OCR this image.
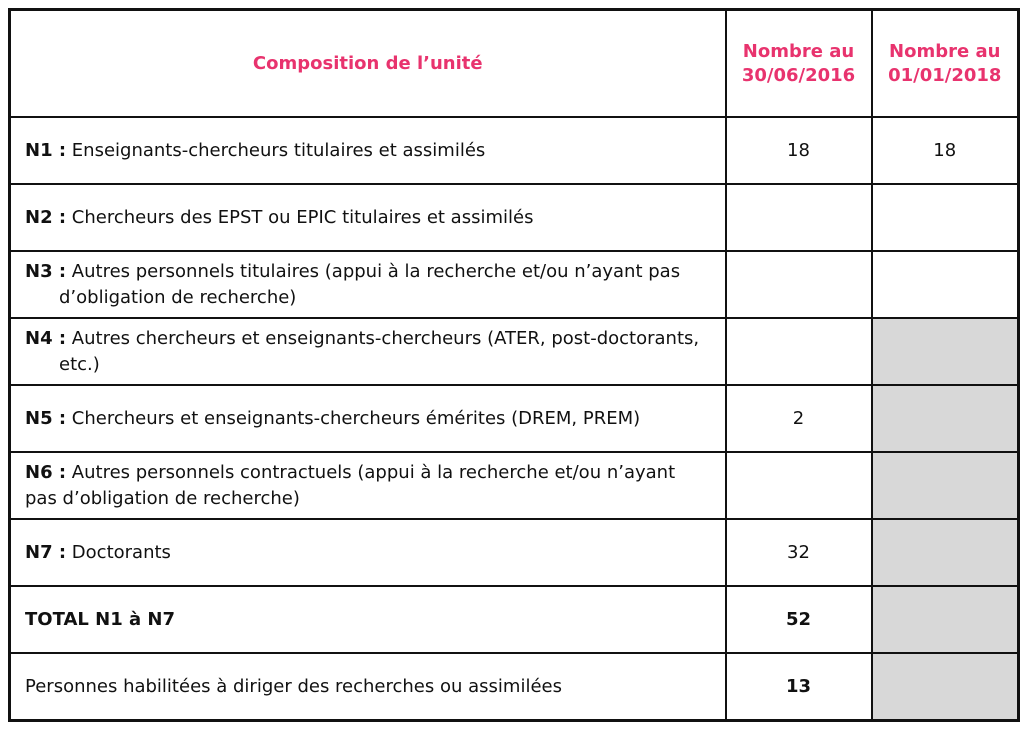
Composition de l’unité	Nombre au 30/06/2016	Nombre au 01/01/2018

N1 : Enseignants-chercheurs titulaires et assimilés	18	18

N2 : Chercheurs des EPST ou EPIC titulaires et assimilés		

N3 : Autres personnels titulaires (appui à la recherche et/ou n’ayant pas d’obligation de recherche)		

N4 : Autres chercheurs et enseignants-chercheurs (ATER, post-doctorants, etc.)		

N5 : Chercheurs et enseignants-chercheurs émérites (DREM, PREM)	2	

N6 : Autres personnels contractuels (appui à la recherche et/ou n’ayant pas d’obligation de recherche)		

N7 : Doctorants	32	
TOTAL N1 à N7	52	
Personnes habilitées à diriger des recherches ou assimilées	13	
